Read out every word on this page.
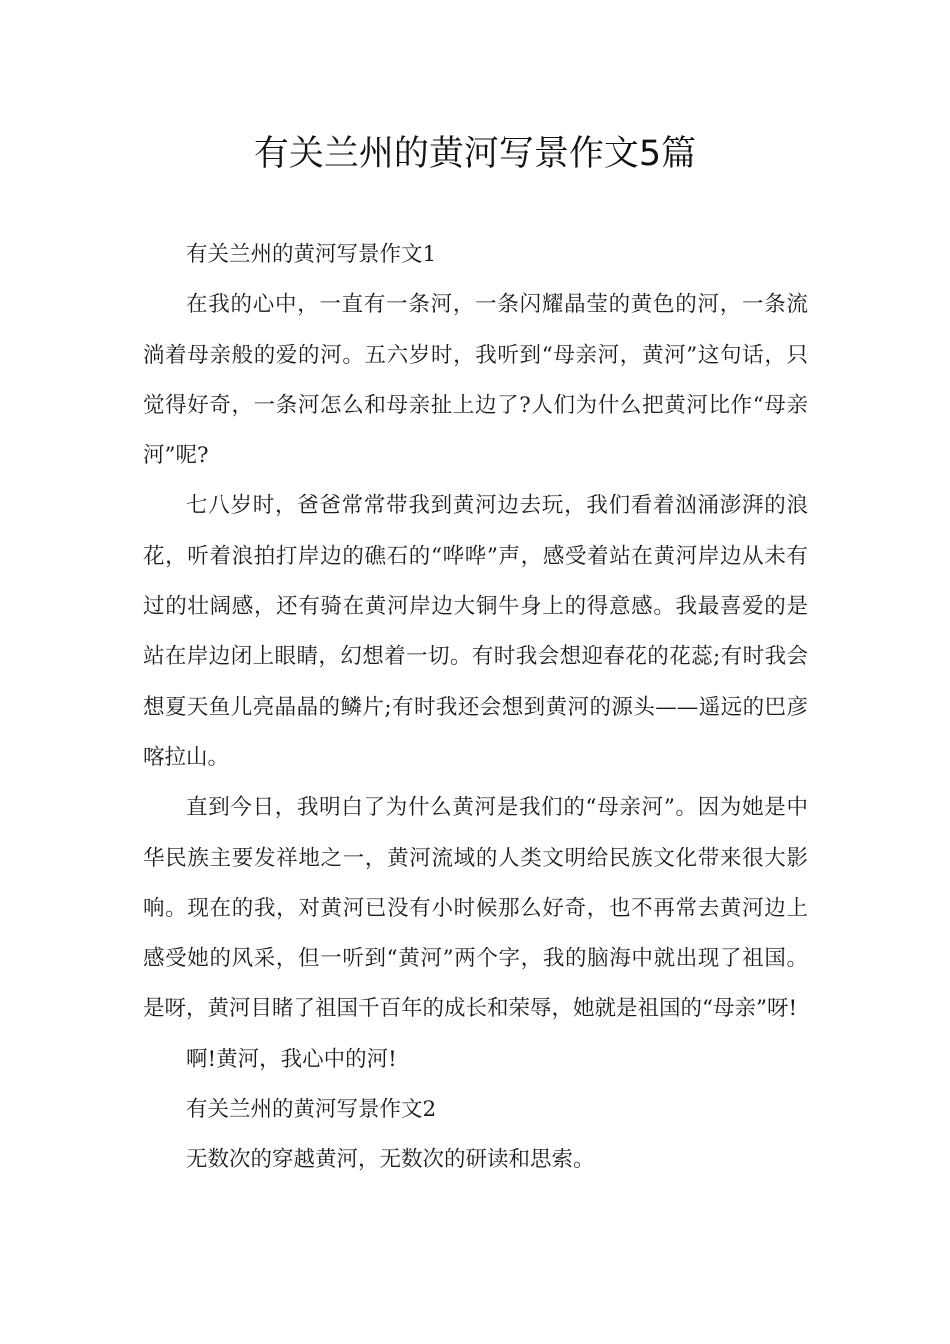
有关兰州的黄河写景作文5篇

有关兰州的黄河写景作文1

在我的心中，一直有一条河，一条闪耀晶莹的黄色的河，一条流淌着母亲般的爱的河。五六岁时，我听到“母亲河，黄河”这句话，只觉得好奇，一条河怎么和母亲扯上边了?人们为什么把黄河比作“母亲河”呢?

七八岁时，爸爸常常带我到黄河边去玩，我们看着汹涌澎湃的浪花，听着浪拍打岸边的礁石的“哗哗”声，感受着站在黄河岸边从未有过的壮阔感，还有骑在黄河岸边大铜牛身上的得意感。我最喜爱的是站在岸边闭上眼睛，幻想着一切。有时我会想迎春花的花蕊;有时我会想夏天鱼儿亮晶晶的鳞片;有时我还会想到黄河的源头——遥远的巴彦喀拉山。

直到今日，我明白了为什么黄河是我们的“母亲河”。因为她是中华民族主要发祥地之一，黄河流域的人类文明给民族文化带来很大影响。现在的我，对黄河已没有小时候那么好奇，也不再常去黄河边上感受她的风采，但一听到“黄河”两个字，我的脑海中就出现了祖国。是呀，黄河目睹了祖国千百年的成长和荣辱，她就是祖国的“母亲”呀!

啊!黄河，我心中的河!

有关兰州的黄河写景作文2

无数次的穿越黄河，无数次的研读和思索。
